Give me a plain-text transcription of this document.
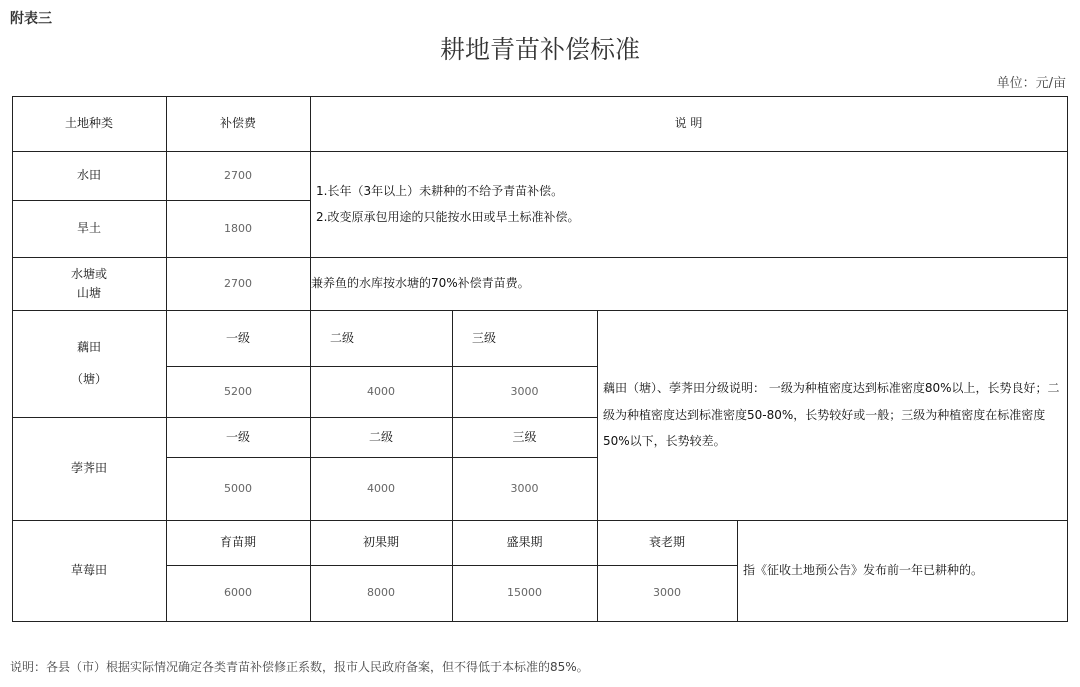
附表三
耕地青苗补偿标准
单位：元/亩
土地种类	补偿费	说 明
水田	2700
旱土	1800
1.长年（3年以上）未耕种的不给予青苗补偿。
2.改变原承包用途的只能按水田或旱土标准补偿。
水塘或
山塘
2700	兼养鱼的水库按水塘的70%补偿青苗费。
藕田
（塘）
一级	二级	三级
5200	4000	3000
荸荠田
一级	二级	三级
5000	4000	3000
藕田（塘）、荸荠田分级说明： 一级为种植密度达到标准密度80%以上，长势良好；二级为种植密度达到标准密度50-80%，长势较好或一般；三级为种植密度在标准密度50%以下，长势较差。
草莓田
育苗期	初果期	盛果期	衰老期
6000	8000	15000	3000
指《征收土地预公告》发布前一年已耕种的。
说明：各县（市）根据实际情况确定各类青苗补偿修正系数，报市人民政府备案，但不得低于本标准的85%。
